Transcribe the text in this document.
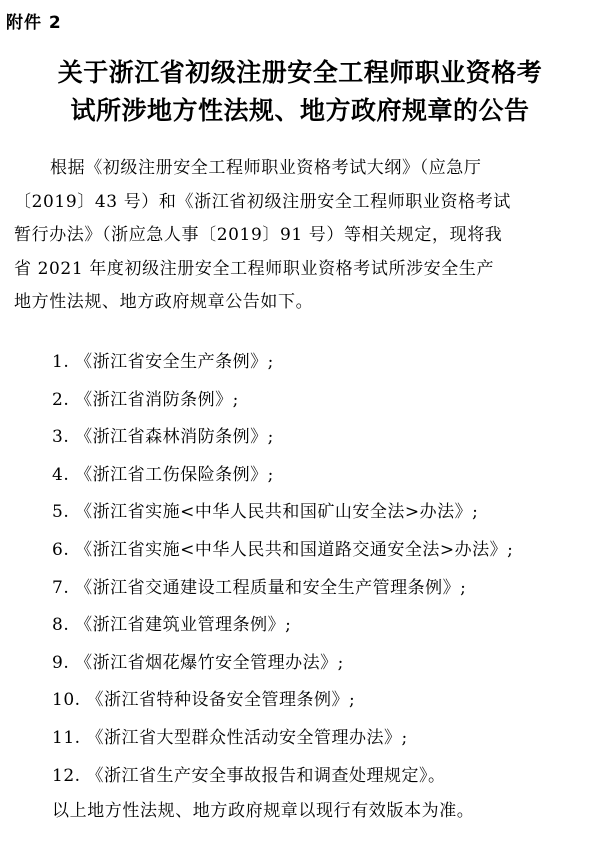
附件 2
关于浙江省初级注册安全工程师职业资格考
试所涉地方性法规、地方政府规章的公告
根据《初级注册安全工程师职业资格考试大纲》（应急厅
〔2019〕43 号）和《浙江省初级注册安全工程师职业资格考试
暂行办法》（浙应急人事〔2019〕91 号）等相关规定，现将我
省 2021 年度初级注册安全工程师职业资格考试所涉安全生产
地方性法规、地方政府规章公告如下。
1. 《浙江省安全生产条例》;
2. 《浙江省消防条例》;
3. 《浙江省森林消防条例》;
4. 《浙江省工伤保险条例》;
5. 《浙江省实施<中华人民共和国矿山安全法>办法》;
6. 《浙江省实施<中华人民共和国道路交通安全法>办法》;
7. 《浙江省交通建设工程质量和安全生产管理条例》;
8. 《浙江省建筑业管理条例》;
9. 《浙江省烟花爆竹安全管理办法》;
10. 《浙江省特种设备安全管理条例》;
11. 《浙江省大型群众性活动安全管理办法》;
12. 《浙江省生产安全事故报告和调查处理规定》。
以上地方性法规、地方政府规章以现行有效版本为准。
